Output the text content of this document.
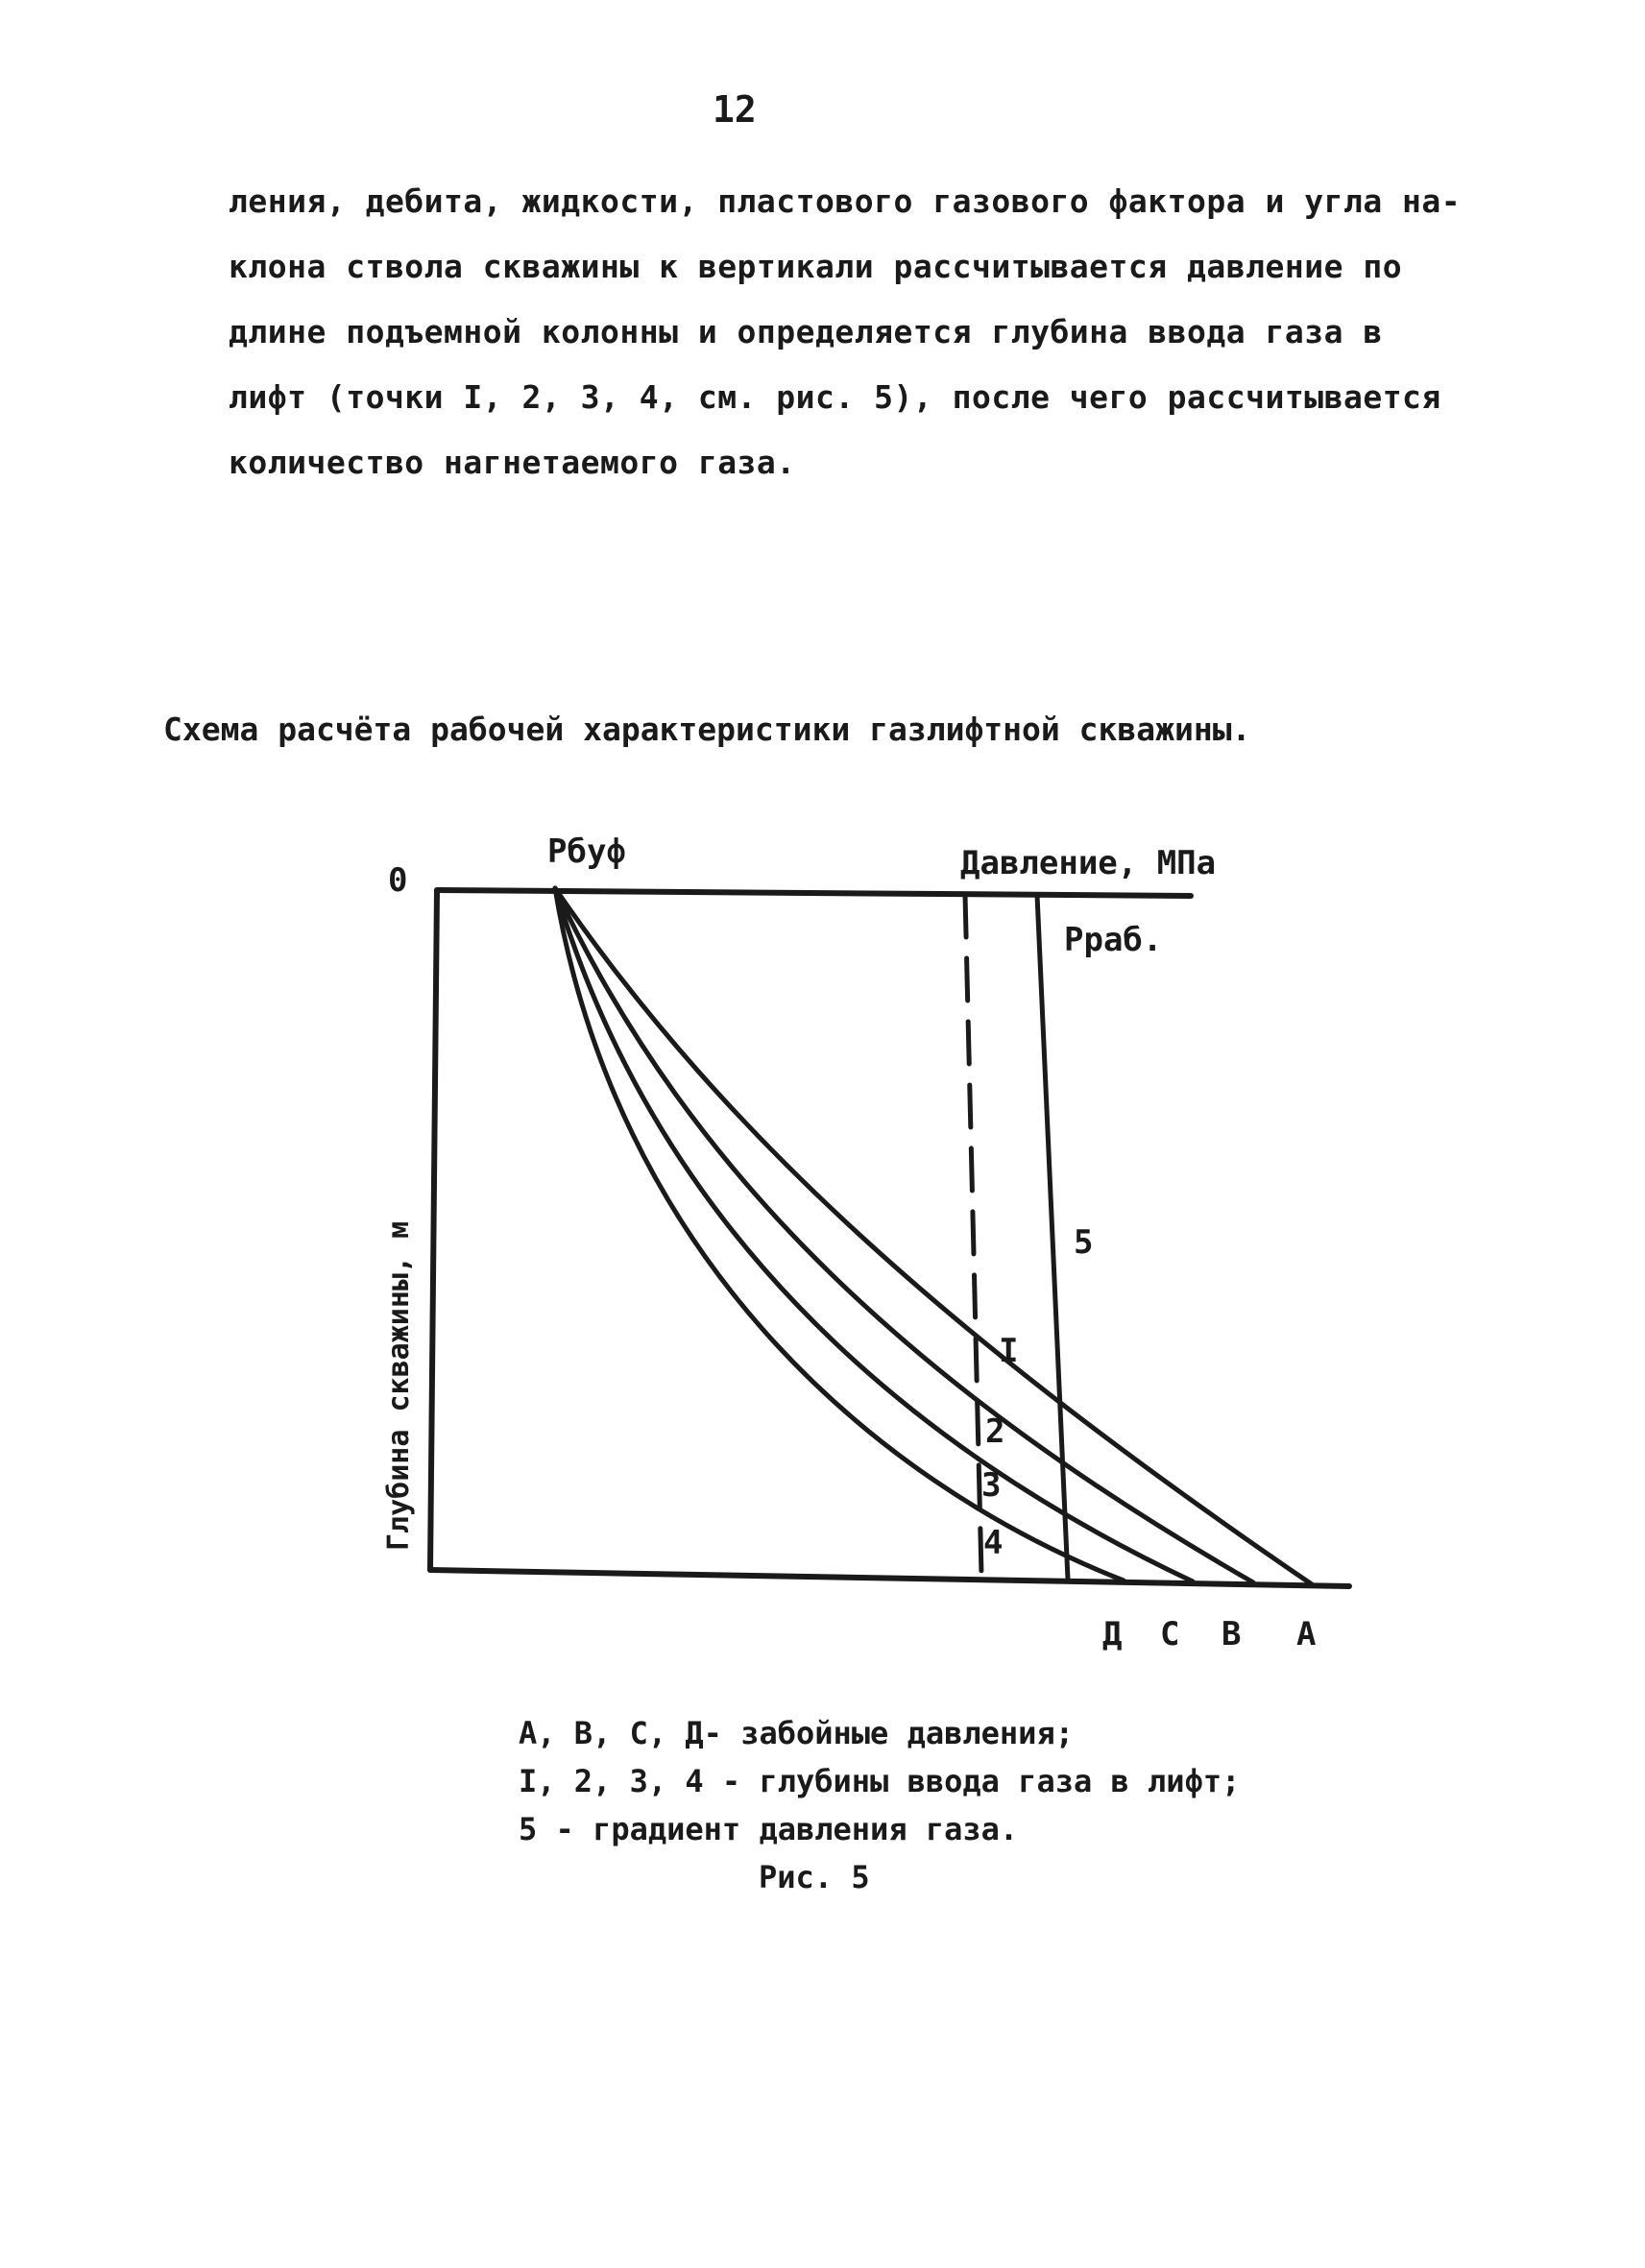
12
ления, дебита, жидкости, пластового газового фактора и угла на-
клона ствола скважины к вертикали рассчитывается давление по
длине подъемной колонны и определяется глубина ввода газа в
лифт (точки I, 2, 3, 4, см. рис. 5), после чего рассчитывается
количество нагнетаемого газа.
Схема расчёта рабочей характеристики газлифтной скважины.
0
Рбуф	Давление, МПа
Рраб.
5
I
2
3
4
Д С В А
Глубина скважины, м
А, В, С, Д- забойные давления;
I, 2, 3, 4 - глубины ввода газа в лифт;
5 - градиент давления газа.
Рис. 5
